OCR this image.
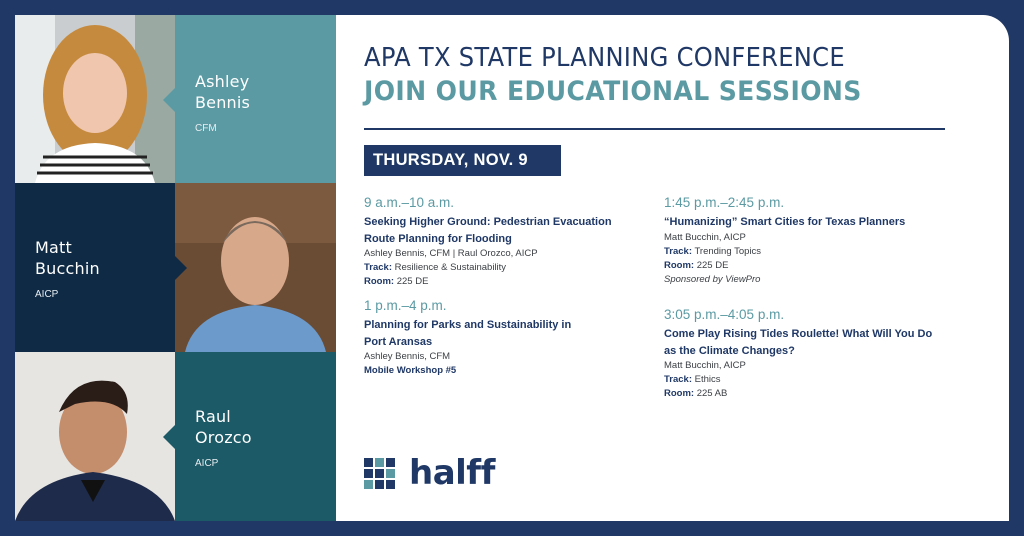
Ashley
Bennis
CFM
Matt
Bucchin
AICP
Raul
Orozco
AICP
APA TX STATE PLANNING CONFERENCE
JOIN OUR EDUCATIONAL SESSIONS
THURSDAY, NOV. 9
9 a.m.–10 a.m.
Seeking Higher Ground: Pedestrian Evacuation Route Planning for Flooding
Ashley Bennis, CFM | Raul Orozco, AICP
Track: Resilience & Sustainability
Room: 225 DE
1 p.m.–4 p.m.
Planning for Parks and Sustainability in Port Aransas
Ashley Bennis, CFM
Mobile Workshop #5
1:45 p.m.–2:45 p.m.
“Humanizing” Smart Cities for Texas Planners
Matt Bucchin, AICP
Track: Trending Topics
Room: 225 DE
Sponsored by ViewPro
3:05 p.m.–4:05 p.m.
Come Play Rising Tides Roulette! What Will You Do as the Climate Changes?
Matt Bucchin, AICP
Track: Ethics
Room: 225 AB
halff
